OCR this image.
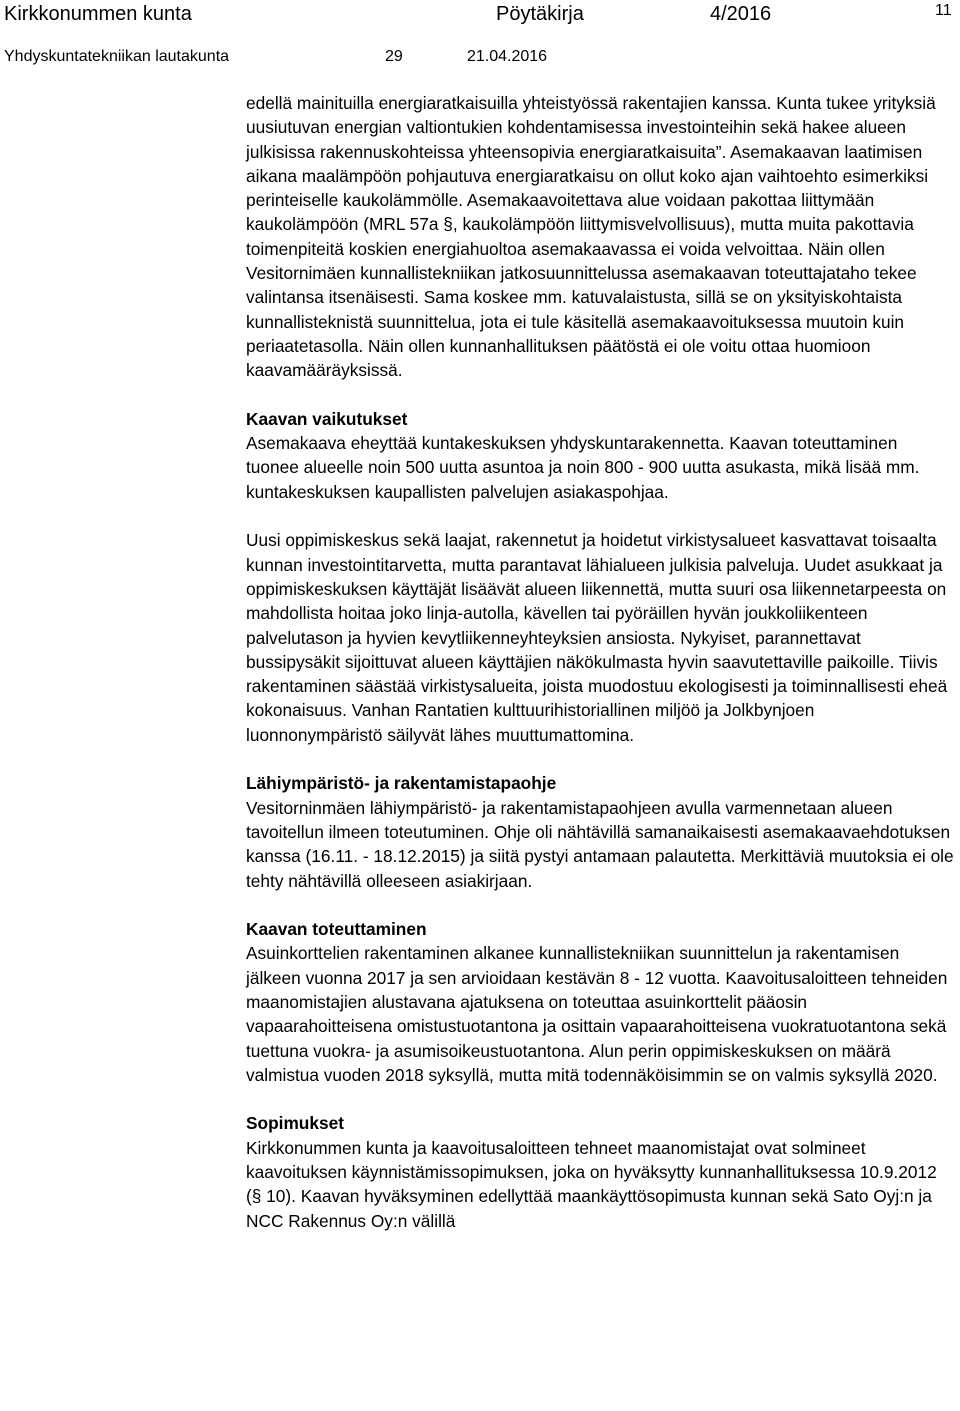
Kirkkonummen kunta	Pöytäkirja	4/2016	11
Yhdyskuntatekniikan lautakunta	29	21.04.2016

edellä mainituilla energiaratkaisuilla yhteistyössä rakentajien kanssa. Kunta tukee yrityksiä uusiutuvan energian valtiontukien kohdentamisessa investointeihin sekä hakee alueen julkisissa rakennuskohteissa yhteensopivia energiaratkaisuita”. Asemakaavan laatimisen aikana maalämpöön pohjautuva energiaratkaisu on ollut koko ajan vaihtoehto esimerkiksi perinteiselle kaukolämmölle. Asemakaavoitettava alue voidaan pakottaa liittymään kaukolämpöön (MRL 57a §, kaukolämpöön liittymisvelvollisuus), mutta muita pakottavia toimenpiteitä koskien energiahuoltoa asemakaavassa ei voida velvoittaa. Näin ollen Vesitornimäen kunnallistekniikan jatkosuunnittelussa asemakaavan toteuttajataho tekee valintansa itsenäisesti. Sama koskee mm. katuvalaistusta, sillä se on yksityiskohtaista kunnallisteknistä suunnittelua, jota ei tule käsitellä asemakaavoituksessa muutoin kuin periaatetasolla. Näin ollen kunnanhallituksen päätöstä ei ole voitu ottaa huomioon kaavamääräyksissä.

Kaavan vaikutukset

Asemakaava eheyttää kuntakeskuksen yhdyskuntarakennetta. Kaavan toteuttaminen tuonee alueelle noin 500 uutta asuntoa ja noin 800 - 900 uutta asukasta, mikä lisää mm. kuntakeskuksen kaupallisten palvelujen asiakaspohjaa.

Uusi oppimiskeskus sekä laajat, rakennetut ja hoidetut virkistysalueet kasvattavat toisaalta kunnan investointitarvetta, mutta parantavat lähialueen julkisia palveluja. Uudet asukkaat ja oppimiskeskuksen käyttäjät lisäävät alueen liikennettä, mutta suuri osa liikennetarpeesta on mahdollista hoitaa joko linja-autolla, kävellen tai pyöräillen hyvän joukkoliikenteen palvelutason ja hyvien kevytliikenneyhteyksien ansiosta. Nykyiset, parannettavat bussipysäkit sijoittuvat alueen käyttäjien näkökulmasta hyvin saavutettaville paikoille. Tiivis rakentaminen säästää virkistysalueita, joista muodostuu ekologisesti ja toiminnallisesti eheä kokonaisuus. Vanhan Rantatien kulttuurihistoriallinen miljöö ja Jolkbynjoen luonnonympäristö säilyvät lähes muuttumattomina.

Lähiympäristö- ja rakentamistapaohje

Vesitorninmäen lähiympäristö- ja rakentamistapaohjeen avulla varmennetaan alueen tavoitellun ilmeen toteutuminen. Ohje oli nähtävillä samanaikaisesti asemakaavaehdotuksen kanssa (16.11. - 18.12.2015) ja siitä pystyi antamaan palautetta. Merkittäviä muutoksia ei ole tehty nähtävillä olleeseen asiakirjaan.

Kaavan toteuttaminen

Asuinkorttelien rakentaminen alkanee kunnallistekniikan suunnittelun ja rakentamisen jälkeen vuonna 2017 ja sen arvioidaan kestävän 8 - 12 vuotta. Kaavoitusaloitteen tehneiden maanomistajien alustavana ajatuksena on toteuttaa asuinkorttelit pääosin vapaarahoitteisena omistustuotantona ja osittain vapaarahoitteisena vuokratuotantona sekä tuettuna vuokra- ja asumisoikeustuotantona. Alun perin oppimiskeskuksen on määrä valmistua vuoden 2018 syksyllä, mutta mitä todennäköisimmin se on valmis syksyllä 2020.

Sopimukset

Kirkkonummen kunta ja kaavoitusaloitteen tehneet maanomistajat ovat solmineet kaavoituksen käynnistämissopimuksen, joka on hyväksytty kunnanhallituksessa 10.9.2012 (§ 10). Kaavan hyväksyminen edellyttää maankäyttösopimusta kunnan sekä Sato Oyj:n ja NCC Rakennus Oy:n välillä
